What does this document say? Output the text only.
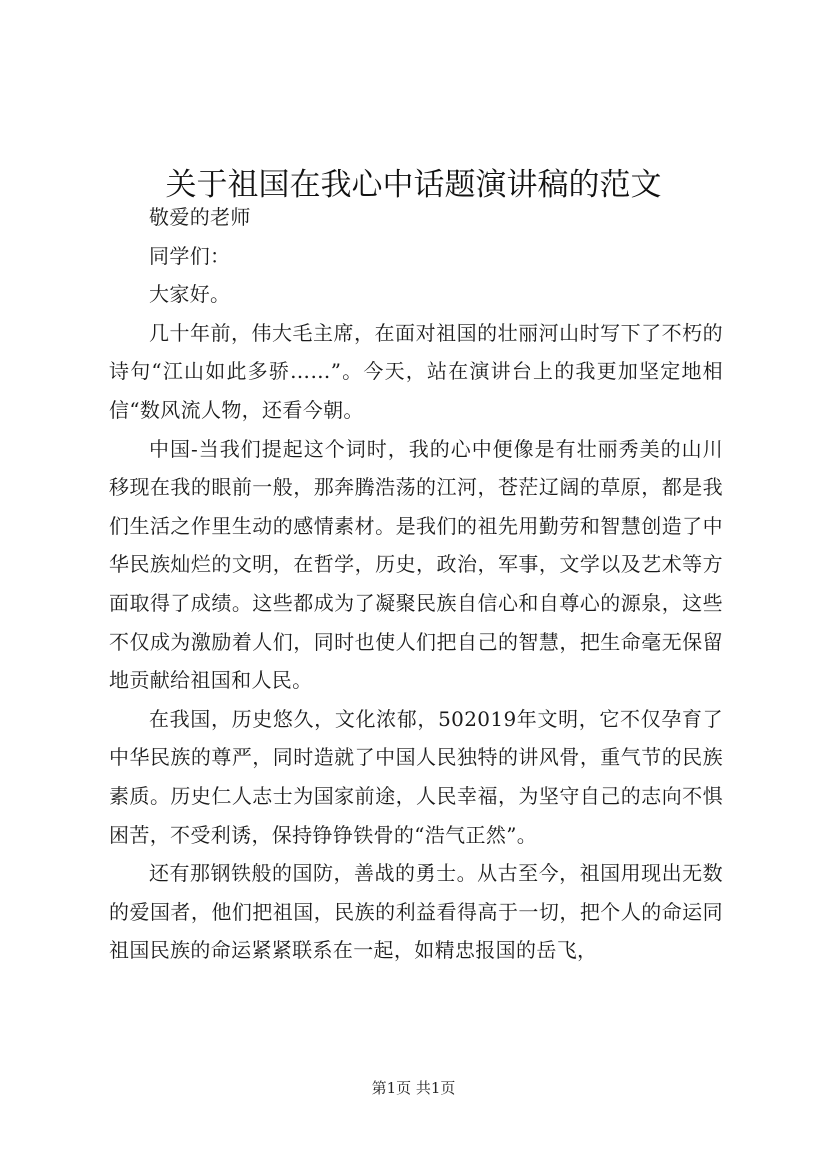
关于祖国在我心中话题演讲稿的范文

敬爱的老师

同学们：

大家好。

几十年前，伟大毛主席，在面对祖国的壮丽河山时写下了不朽的诗句“江山如此多骄……”。今天，站在演讲台上的我更加坚定地相信“数风流人物，还看今朝。

中国-当我们提起这个词时，我的心中便像是有壮丽秀美的山川移现在我的眼前一般，那奔腾浩荡的江河，苍茫辽阔的草原，都是我们生活之作里生动的感情素材。是我们的祖先用勤劳和智慧创造了中华民族灿烂的文明，在哲学，历史，政治，军事，文学以及艺术等方面取得了成绩。这些都成为了凝聚民族自信心和自尊心的源泉，这些不仅成为激励着人们，同时也使人们把自己的智慧，把生命毫无保留地贡献给祖国和人民。

在我国，历史悠久，文化浓郁，502019年文明，它不仅孕育了中华民族的尊严，同时造就了中国人民独特的讲风骨，重气节的民族素质。历史仁人志士为国家前途，人民幸福，为坚守自己的志向不惧困苦，不受利诱，保持铮铮铁骨的“浩气正然”。

还有那钢铁般的国防，善战的勇士。从古至今，祖国用现出无数的爱国者，他们把祖国，民族的利益看得高于一切，把个人的命运同祖国民族的命运紧紧联系在一起，如精忠报国的岳飞，

第1页 共1页
